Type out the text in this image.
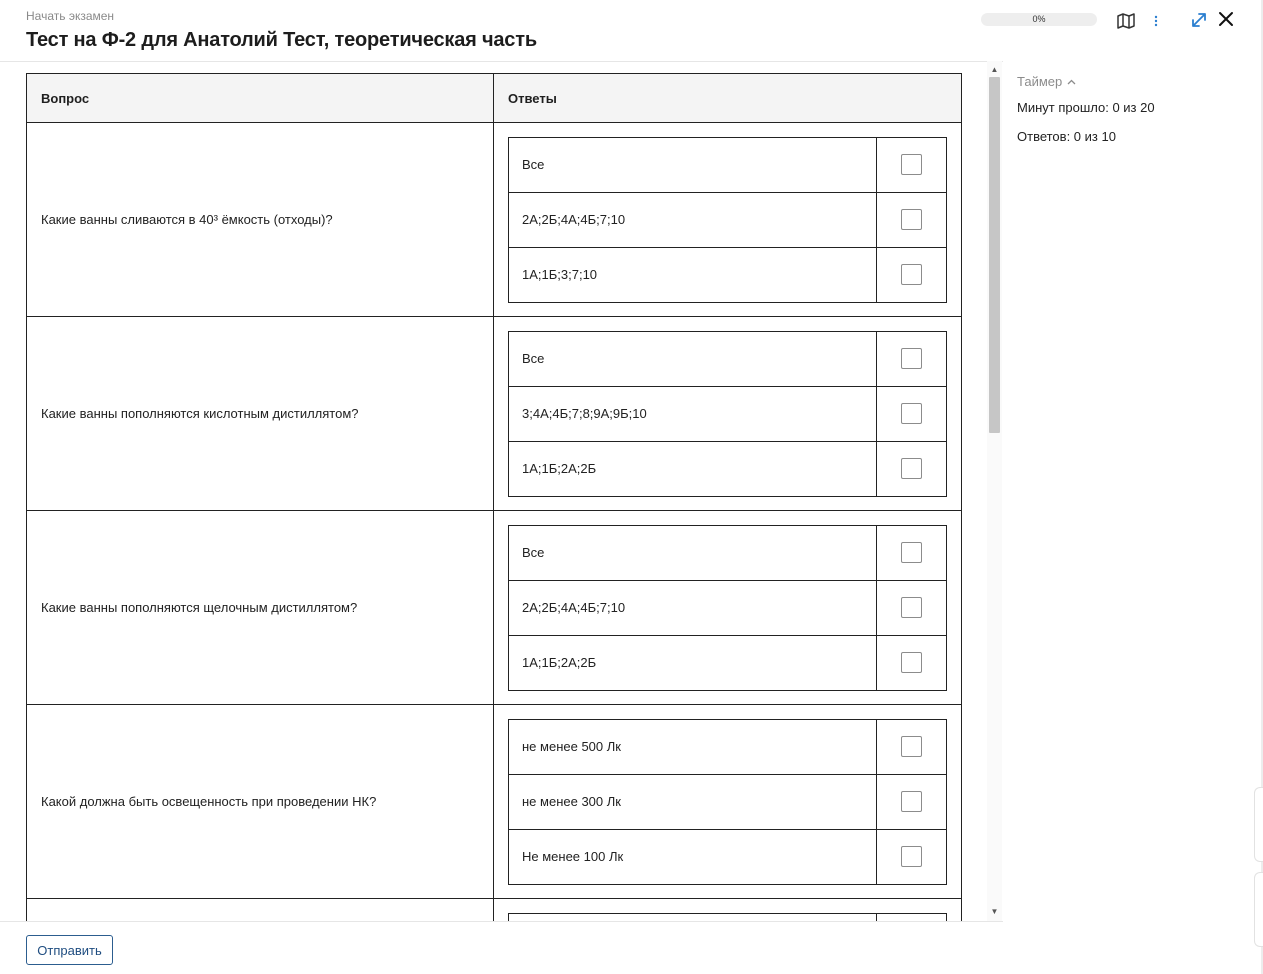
Начать экзамен
Тест на Ф-2 для Анатолий Тест, теоретическая часть
0%
Вопрос	Ответы
Какие ванны сливаются в 40³ ёмкость (отходы)?	
Все	
2А;2Б;4А;4Б;7;10	
1А;1Б;3;7;10	

Какие ванны пополняются кислотным дистиллятом?	
Все	
3;4А;4Б;7;8;9А;9Б;10	
1А;1Б;2А;2Б	

Какие ванны пополняются щелочным дистиллятом?	
Все	
2А;2Б;4А;4Б;7;10	
1А;1Б;2А;2Б	

Какой должна быть освещенность при проведении НК?	
не менее 500 Лк	
не менее 300 Лк	
Не менее 100 Лк	

▲
▼
Отправить
Таймер
Минут прошло: 0 из 20
Ответов: 0 из 10
